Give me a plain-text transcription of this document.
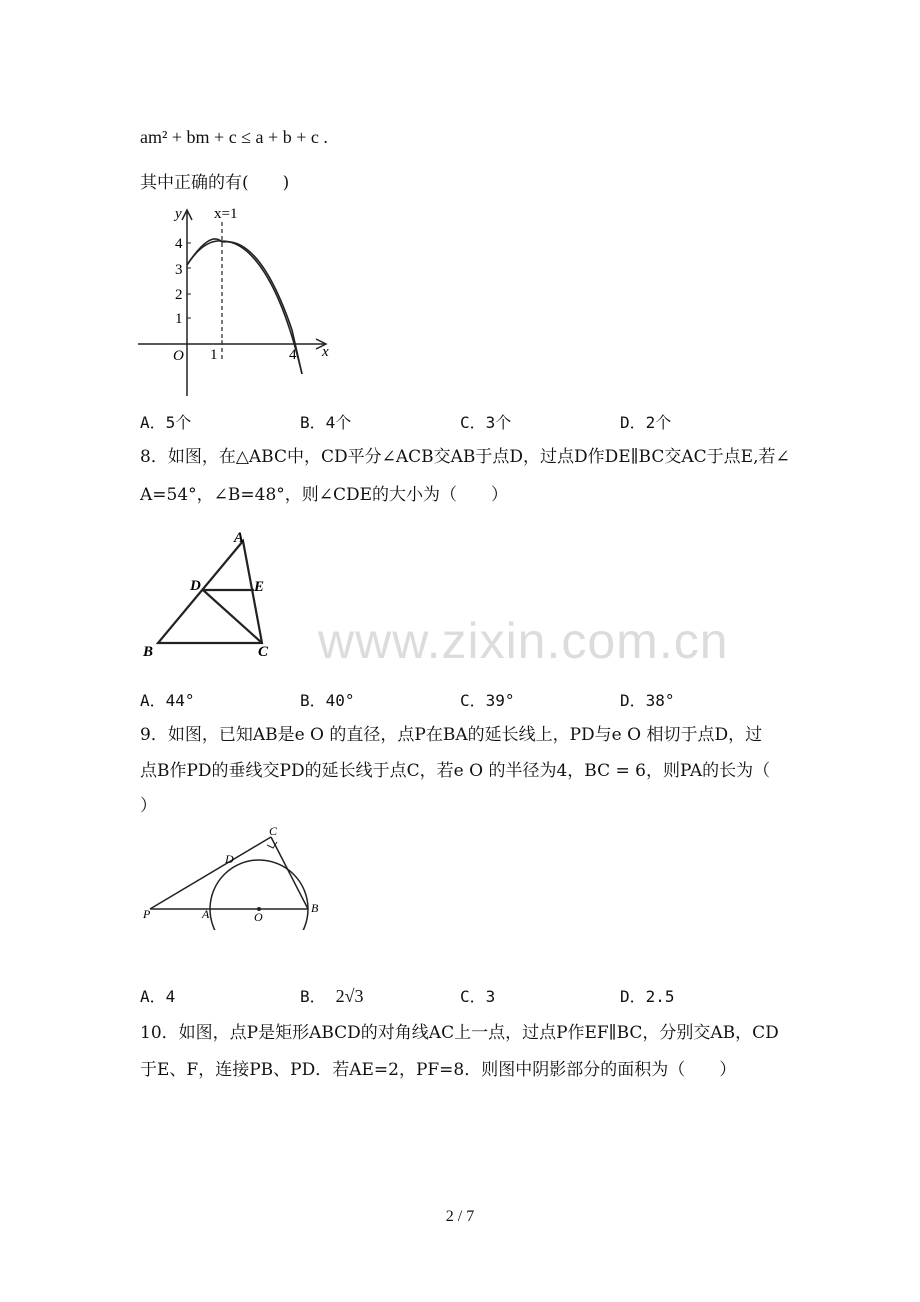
am² + bm + c ≤ a + b + c .
其中正确的有(　　)
y
x
x=1
O
4
3
2
1
1	4
A．5个	B．4个	C．3个	D．2个
8．如图，在△ABC中，CD平分∠ACB交AB于点D，过点D作DE∥BC交AC于点E,若∠
A=54°，∠B=48°，则∠CDE的大小为（　　）
A
D	E
B	C www.zixin.com.cn
A．44°	B．40°	C．39°	D．38°
9．如图，已知AB是e O 的直径，点P在BA的延长线上，PD与e O 相切于点D，过
点B作PD的垂线交PD的延长线于点C，若e O 的半径为4，BC = 6，则PA的长为（
）
P	A	O
B
C
D
A．4	B． 2√3	C．3	D．2.5
10．如图，点P是矩形ABCD的对角线AC上一点，过点P作EF∥BC，分别交AB，CD
于E、F，连接PB、PD．若AE=2，PF=8．则图中阴影部分的面积为（　　）
2 / 7
